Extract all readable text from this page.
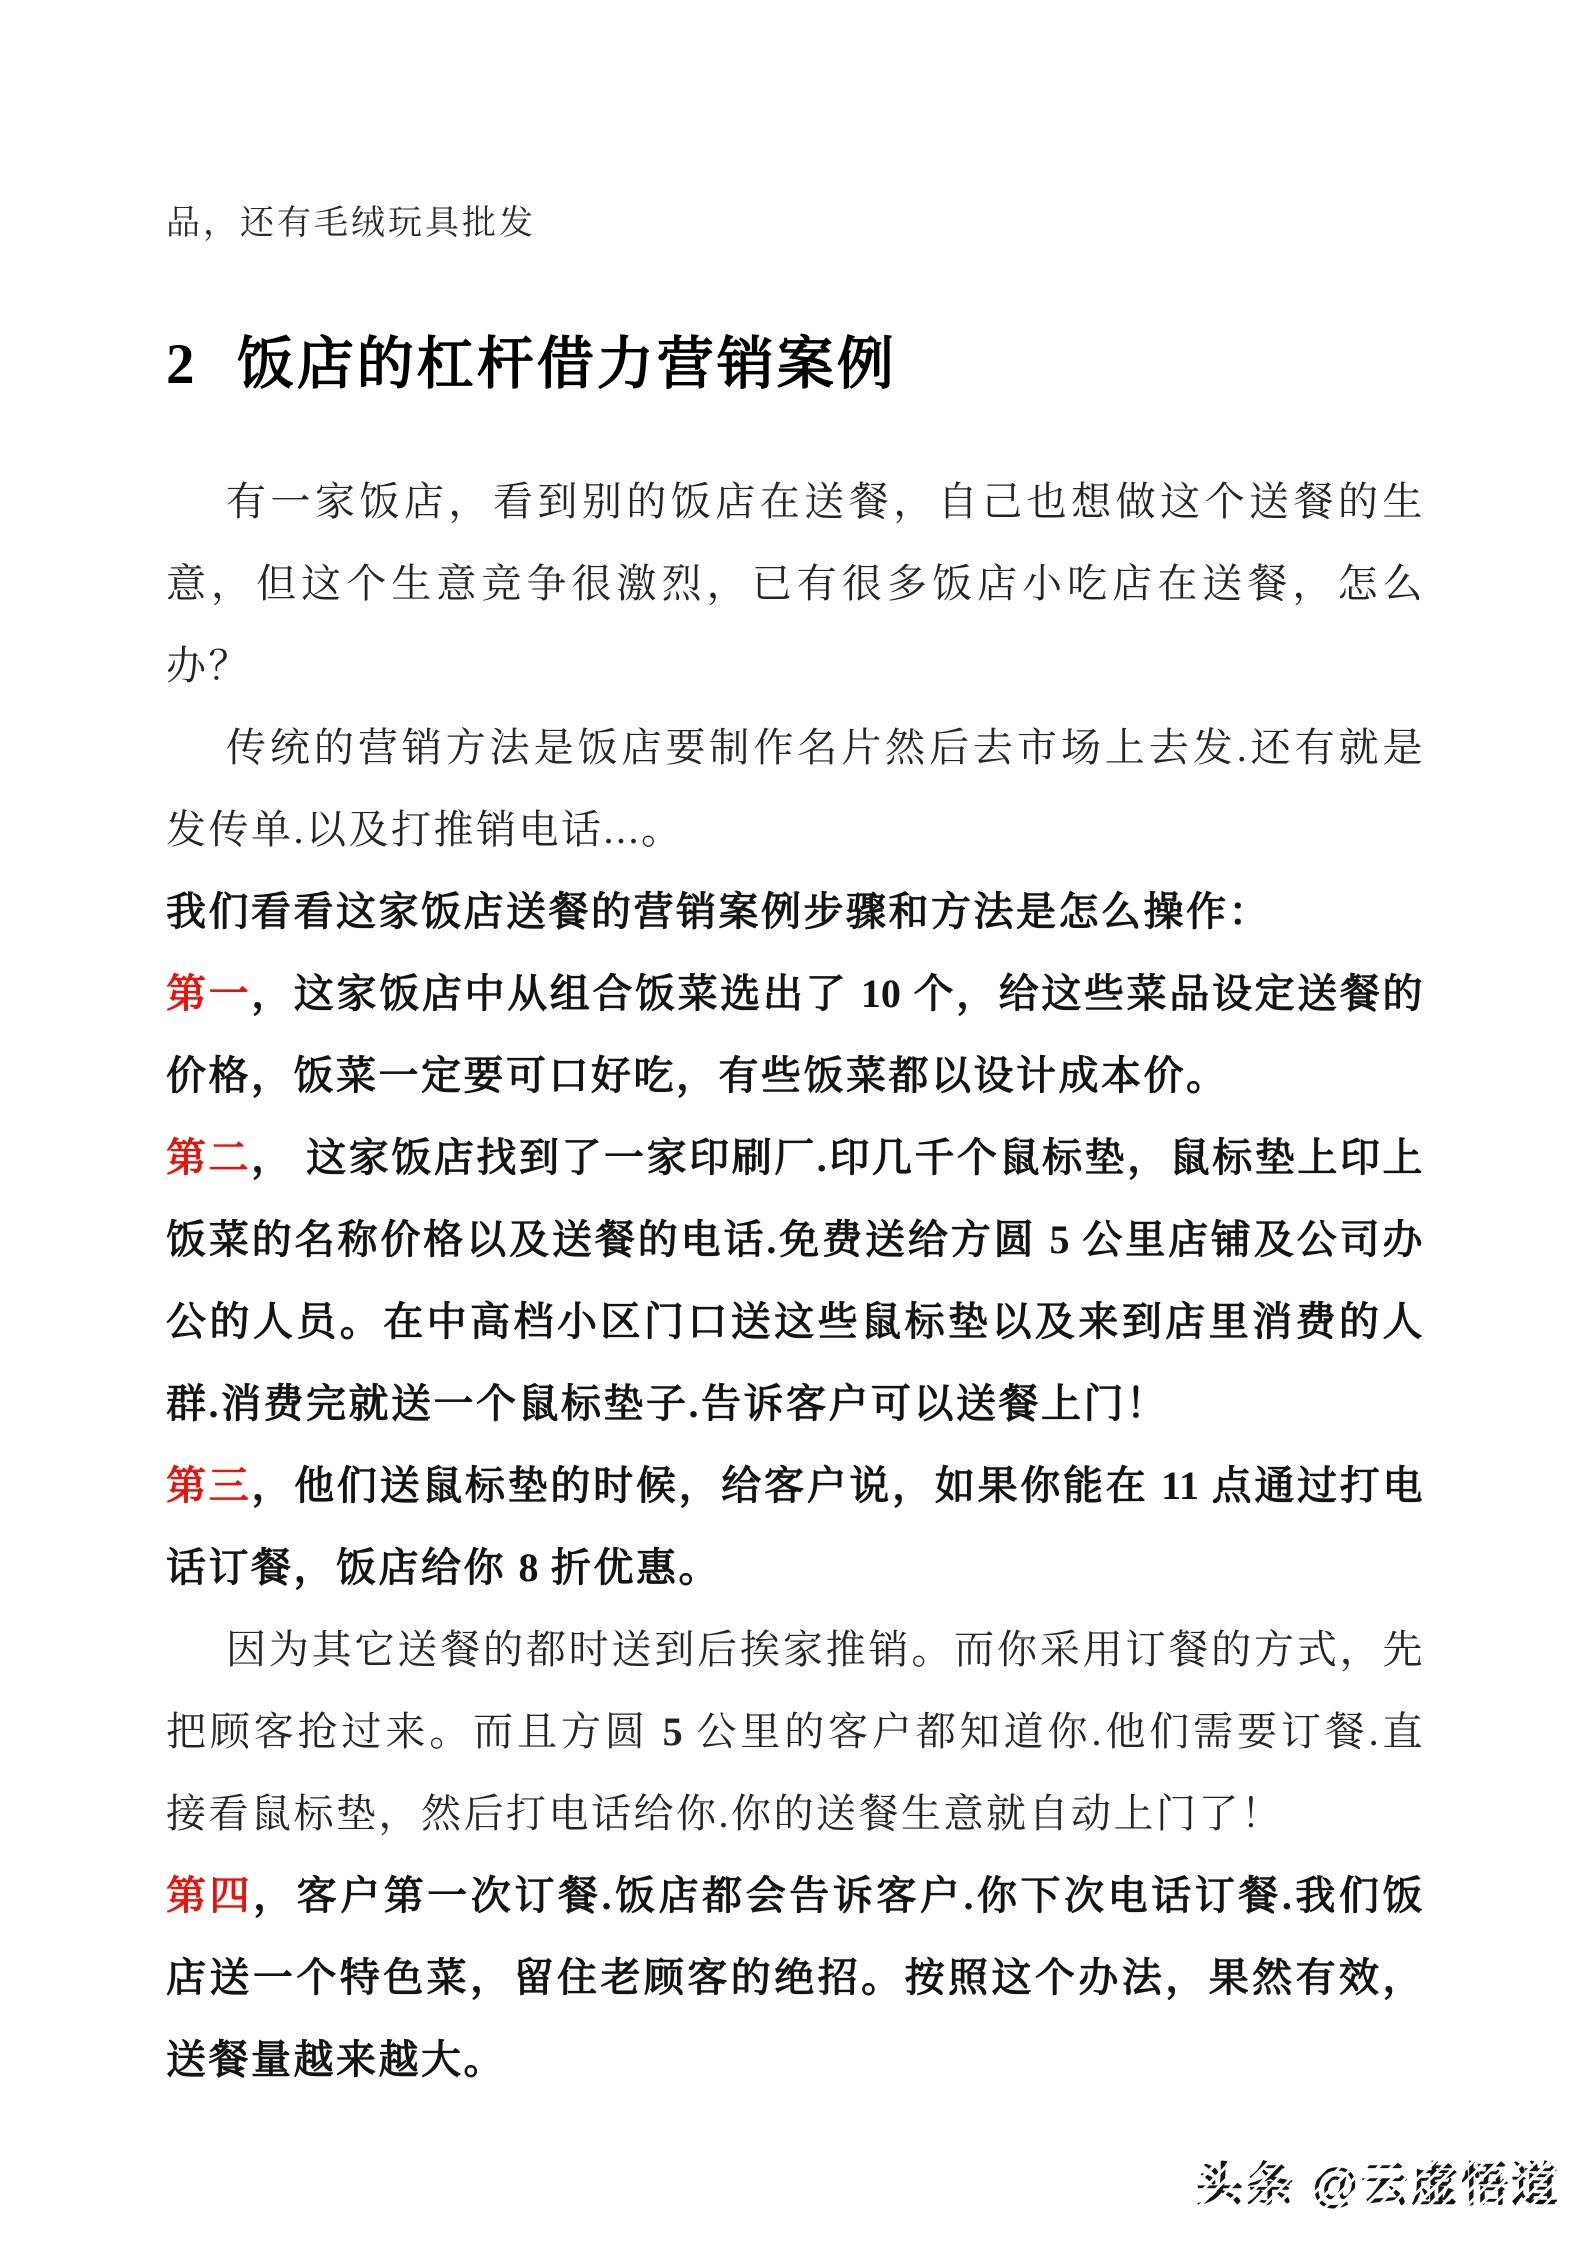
品，还有毛绒玩具批发

2 饭店的杠杆借力营销案例

有一家饭店，看到别的饭店在送餐，自己也想做这个送餐的生意，但这个生意竞争很激烈，已有很多饭店小吃店在送餐，怎么办？

传统的营销方法是饭店要制作名片然后去市场上去发.还有就是发传单.以及打推销电话...。

我们看看这家饭店送餐的营销案例步骤和方法是怎么操作：

第一，这家饭店中从组合饭菜选出了 10 个，给这些菜品设定送餐的价格，饭菜一定要可口好吃，有些饭菜都以设计成本价。

第二， 这家饭店找到了一家印刷厂.印几千个鼠标垫，鼠标垫上印上饭菜的名称价格以及送餐的电话.免费送给方圆 5 公里店铺及公司办公的人员。在中高档小区门口送这些鼠标垫以及来到店里消费的人群.消费完就送一个鼠标垫子.告诉客户可以送餐上门！

第三，他们送鼠标垫的时候，给客户说，如果你能在 11 点通过打电话订餐，饭店给你 8 折优惠。

因为其它送餐的都时送到后挨家推销。而你采用订餐的方式，先把顾客抢过来。而且方圆 5 公里的客户都知道你.他们需要订餐.直接看鼠标垫，然后打电话给你.你的送餐生意就自动上门了！

第四，客户第一次订餐.饭店都会告诉客户.你下次电话订餐.我们饭店送一个特色菜，留住老顾客的绝招。按照这个办法，果然有效，送餐量越来越大。

头条 @云虚悟道
